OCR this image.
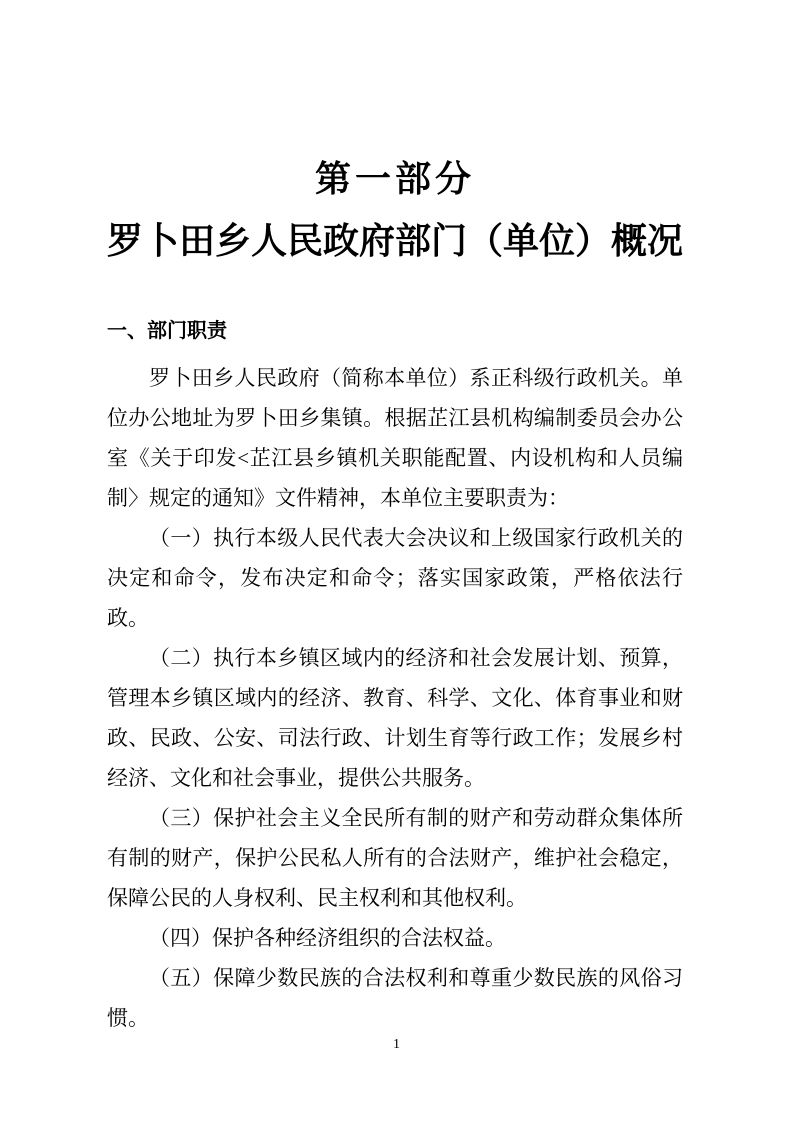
第一部分
罗卜田乡人民政府部门（单位）概况
一、部门职责

罗卜田乡人民政府（简称本单位）系正科级行政机关。单位办公地址为罗卜田乡集镇。根据芷江县机构编制委员会办公室《关于印发<芷江县乡镇机关职能配置、内设机构和人员编制〉规定的通知》文件精神，本单位主要职责为：

（一）执行本级人民代表大会决议和上级国家行政机关的决定和命令，发布决定和命令；落实国家政策，严格依法行政。

（二）执行本乡镇区域内的经济和社会发展计划、预算，管理本乡镇区域内的经济、教育、科学、文化、体育事业和财政、民政、公安、司法行政、计划生育等行政工作；发展乡村经济、文化和社会事业，提供公共服务。

（三）保护社会主义全民所有制的财产和劳动群众集体所有制的财产，保护公民私人所有的合法财产，维护社会稳定，保障公民的人身权利、民主权利和其他权利。

（四）保护各种经济组织的合法权益。

（五）保障少数民族的合法权利和尊重少数民族的风俗习惯。

1
